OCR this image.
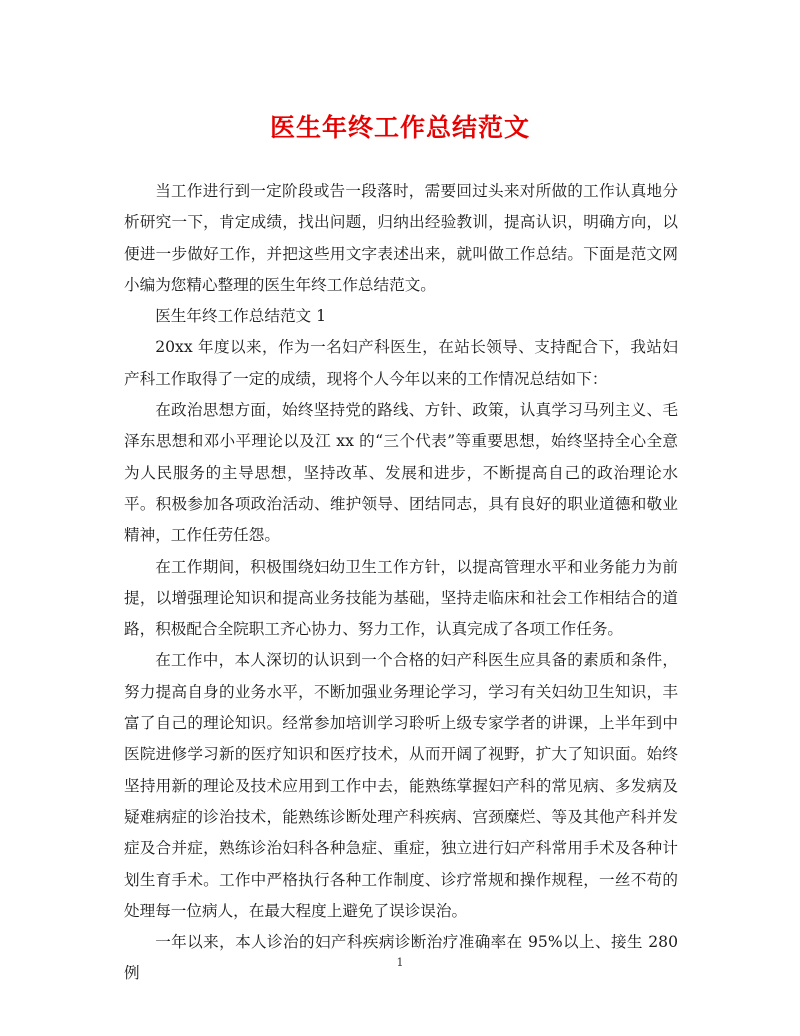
医生年终工作总结范文

当工作进行到一定阶段或告一段落时，需要回过头来对所做的工作认真地分析研究一下，肯定成绩，找出问题，归纳出经验教训，提高认识，明确方向，以便进一步做好工作，并把这些用文字表述出来，就叫做工作总结。下面是范文网小编为您精心整理的医生年终工作总结范文。

医生年终工作总结范文 1

20xx 年度以来，作为一名妇产科医生，在站长领导、支持配合下，我站妇产科工作取得了一定的成绩，现将个人今年以来的工作情况总结如下：

在政治思想方面，始终坚持党的路线、方针、政策，认真学习马列主义、毛泽东思想和邓小平理论以及江 xx 的“三个代表”等重要思想，始终坚持全心全意为人民服务的主导思想，坚持改革、发展和进步，不断提高自己的政治理论水平。积极参加各项政治活动、维护领导、团结同志，具有良好的职业道德和敬业精神，工作任劳任怨。

在工作期间，积极围绕妇幼卫生工作方针，以提高管理水平和业务能力为前提，以增强理论知识和提高业务技能为基础，坚持走临床和社会工作相结合的道路，积极配合全院职工齐心协力、努力工作，认真完成了各项工作任务。

在工作中，本人深切的认识到一个合格的妇产科医生应具备的素质和条件，努力提高自身的业务水平，不断加强业务理论学习，学习有关妇幼卫生知识，丰富了自己的理论知识。经常参加培训学习聆听上级专家学者的讲课，上半年到中医院进修学习新的医疗知识和医疗技术，从而开阔了视野，扩大了知识面。始终坚持用新的理论及技术应用到工作中去，能熟练掌握妇产科的常见病、多发病及疑难病症的诊治技术，能熟练诊断处理产科疾病、宫颈糜烂、等及其他产科并发症及合并症，熟练诊治妇科各种急症、重症，独立进行妇产科常用手术及各种计划生育手术。工作中严格执行各种工作制度、诊疗常规和操作规程，一丝不苟的处理每一位病人，在最大程度上避免了误诊误治。

一年以来，本人诊治的妇产科疾病诊断治疗准确率在 95%以上、接生 280 例

1
